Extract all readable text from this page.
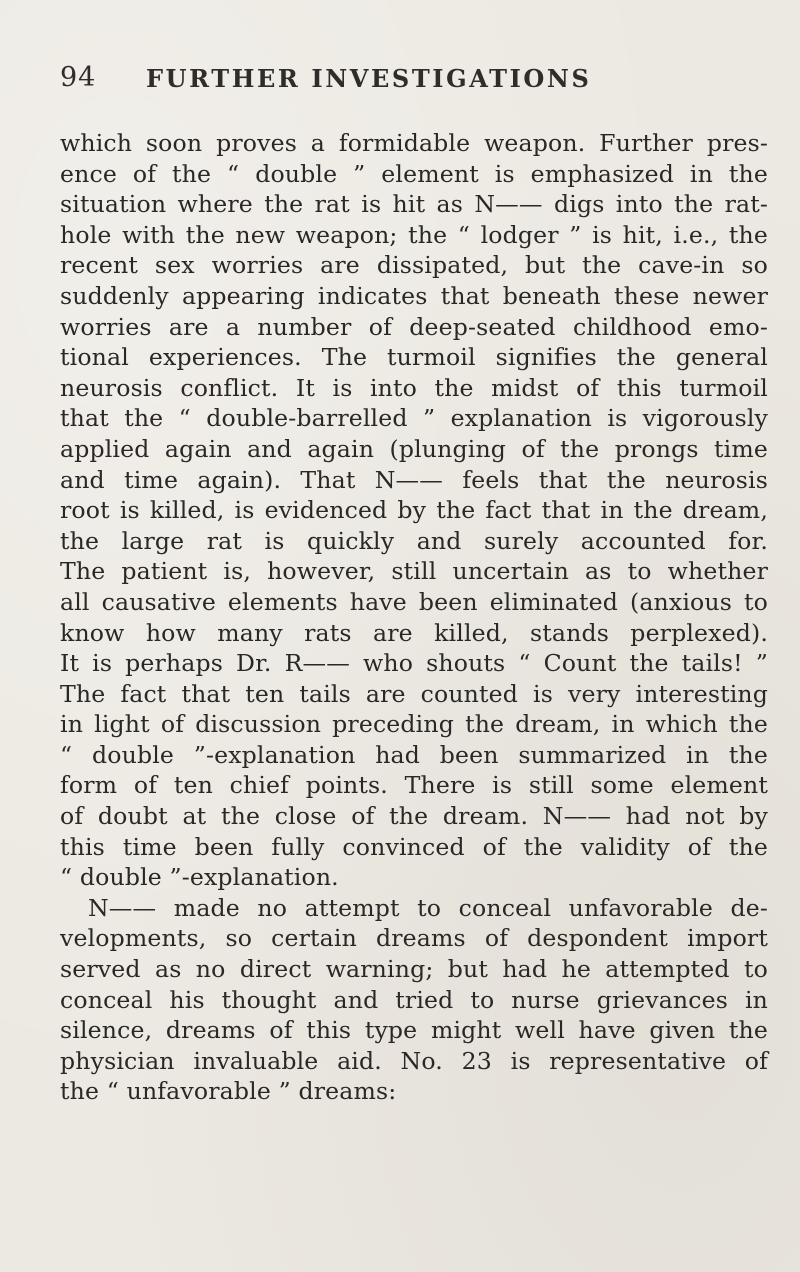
94 FURTHER INVESTIGATIONS
which soon proves a formidable weapon. Further pres-
ence of the “ double ” element is emphasized in the
situation where the rat is hit as N—— digs into the rat-
hole with the new weapon; the “ lodger ” is hit, i.e., the
recent sex worries are dissipated, but the cave-in so
suddenly appearing indicates that beneath these newer
worries are a number of deep-seated childhood emo-
tional experiences. The turmoil signifies the general
neurosis conflict. It is into the midst of this turmoil
that the “ double-barrelled ” explanation is vigorously
applied again and again (plunging of the prongs time
and time again). That N—— feels that the neurosis
root is killed, is evidenced by the fact that in the dream,
the large rat is quickly and surely accounted for.
The patient is, however, still uncertain as to whether
all causative elements have been eliminated (anxious to
know how many rats are killed, stands perplexed).
It is perhaps Dr. R—— who shouts “ Count the tails! ”
The fact that ten tails are counted is very interesting
in light of discussion preceding the dream, in which the
“ double ”-explanation had been summarized in the
form of ten chief points. There is still some element
of doubt at the close of the dream. N—— had not by
this time been fully convinced of the validity of the
“ double ”-explanation.
N—— made no attempt to conceal unfavorable de-
velopments, so certain dreams of despondent import
served as no direct warning; but had he attempted to
conceal his thought and tried to nurse grievances in
silence, dreams of this type might well have given the
physician invaluable aid. No. 23 is representative of
the “ unfavorable ” dreams:
